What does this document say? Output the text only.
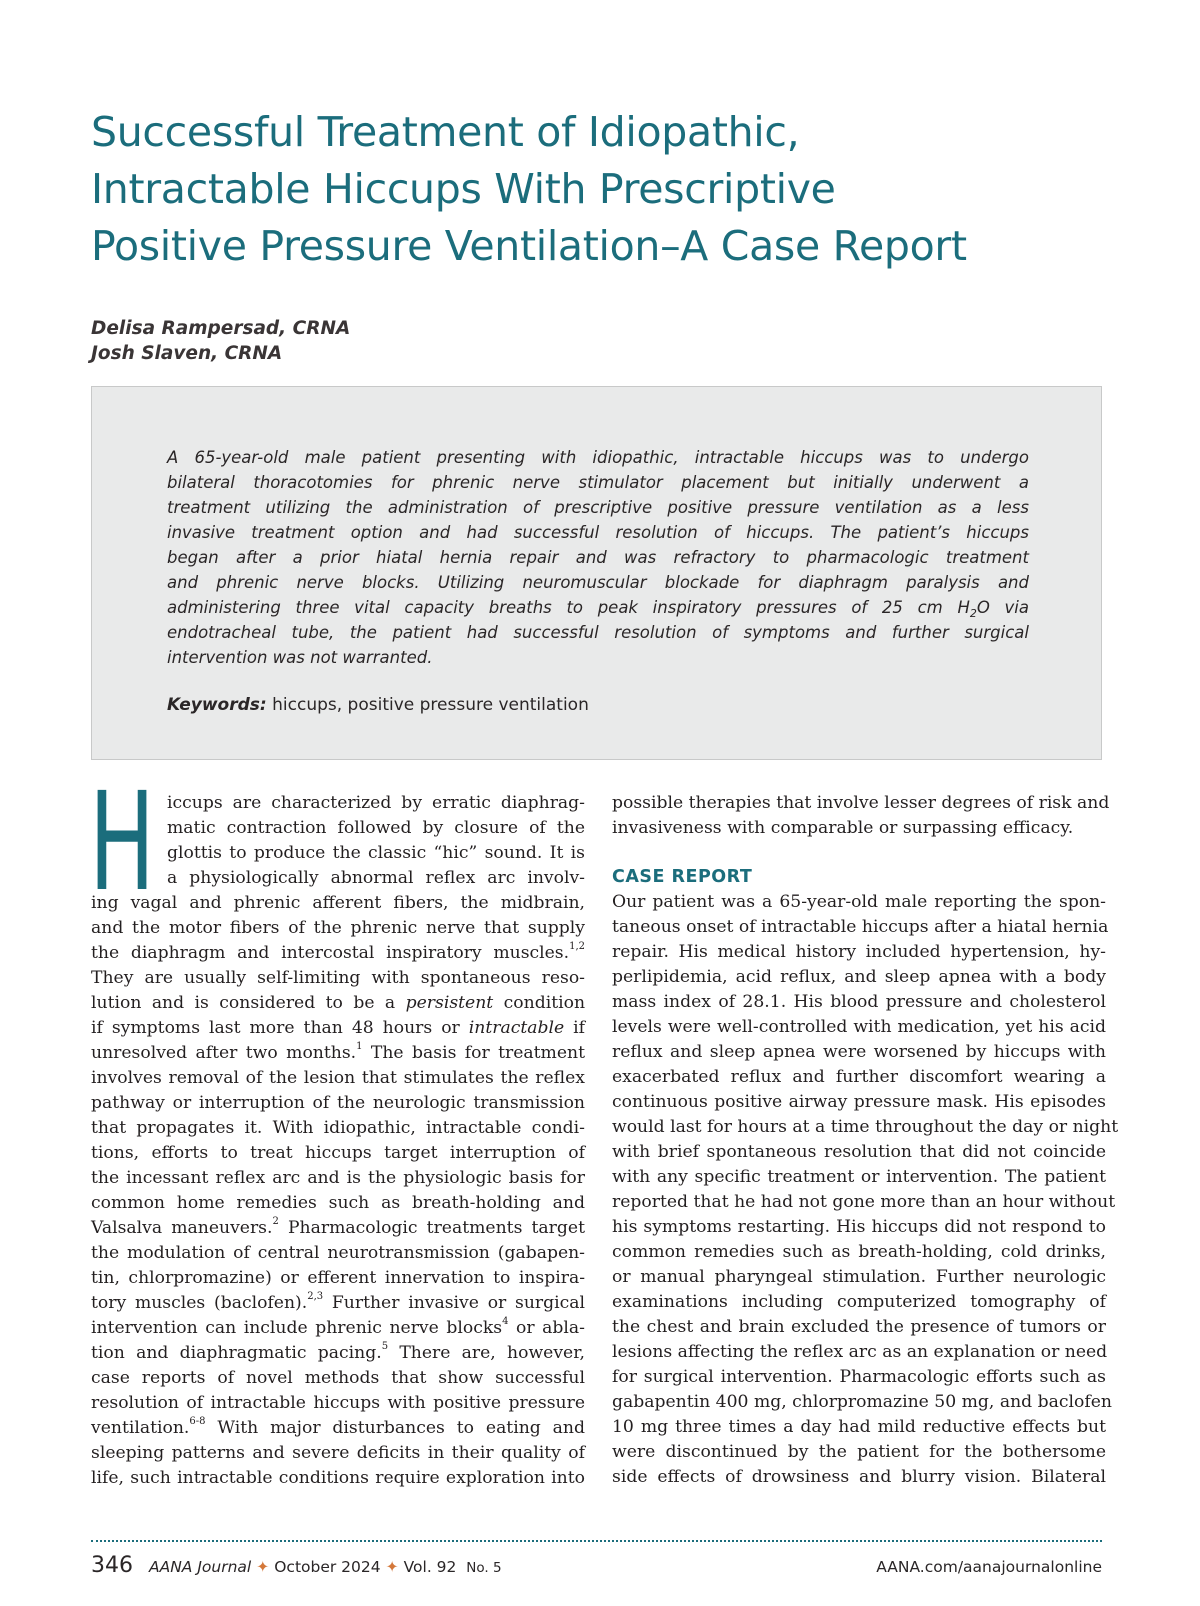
Successful Treatment of Idiopathic,
Intractable Hiccups With Prescriptive
Positive Pressure Ventilation–A Case Report
Delisa Rampersad, CRNA
Josh Slaven, CRNA
A 65-year-old male patient presenting with idiopathic, intractable hiccups was to undergo
bilateral thoracotomies for phrenic nerve stimulator placement but initially underwent a
treatment utilizing the administration of prescriptive positive pressure ventilation as a less
invasive treatment option and had successful resolution of hiccups. The patient’s hiccups
began after a prior hiatal hernia repair and was refractory to pharmacologic treatment
and phrenic nerve blocks. Utilizing neuromuscular blockade for diaphragm paralysis and
administering three vital capacity breaths to peak inspiratory pressures of 25 cm $H_2O$ via
endotracheal tube, the patient had successful resolution of symptoms and further surgical
intervention was not warranted.
Keywords: hiccups, positive pressure ventilation
H iccups are characterized by erratic diaphrag-
matic contraction followed by closure of the
glottis to produce the classic “hic” sound. It is
a physiologically abnormal reflex arc involv-
ing vagal and phrenic afferent fibers, the midbrain,
and the motor fibers of the phrenic nerve that supply
the diaphragm and intercostal inspiratory muscles.$^{1,2}$
They are usually self-limiting with spontaneous reso-
lution and is considered to be a persistent condition
if symptoms last more than 48 hours or intractable if
unresolved after two months.$^1$ The basis for treatment
involves removal of the lesion that stimulates the reflex
pathway or interruption of the neurologic transmission
that propagates it. With idiopathic, intractable condi-
tions, efforts to treat hiccups target interruption of
the incessant reflex arc and is the physiologic basis for
common home remedies such as breath-holding and
Valsalva maneuvers.$^2$ Pharmacologic treatments target
the modulation of central neurotransmission (gabapen-
tin, chlorpromazine) or efferent innervation to inspira-
tory muscles (baclofen).$^{2,3}$ Further invasive or surgical
intervention can include phrenic nerve blocks$^4$ or abla-
tion and diaphragmatic pacing.$^5$ There are, however,
case reports of novel methods that show successful
resolution of intractable hiccups with positive pressure
ventilation.$^{6-8}$ With major disturbances to eating and
sleeping patterns and severe deficits in their quality of
life, such intractable conditions require exploration into
possible therapies that involve lesser degrees of risk and
invasiveness with comparable or surpassing efficacy.
CASE REPORT
Our patient was a 65-year-old male reporting the spon-
taneous onset of intractable hiccups after a hiatal hernia
repair. His medical history included hypertension, hy-
perlipidemia, acid reflux, and sleep apnea with a body
mass index of 28.1. His blood pressure and cholesterol
levels were well-controlled with medication, yet his acid
reflux and sleep apnea were worsened by hiccups with
exacerbated reflux and further discomfort wearing a
continuous positive airway pressure mask. His episodes
would last for hours at a time throughout the day or night
with brief spontaneous resolution that did not coincide
with any specific treatment or intervention. The patient
reported that he had not gone more than an hour without
his symptoms restarting. His hiccups did not respond to
common remedies such as breath-holding, cold drinks,
or manual pharyngeal stimulation. Further neurologic
examinations including computerized tomography of
the chest and brain excluded the presence of tumors or
lesions affecting the reflex arc as an explanation or need
for surgical intervention. Pharmacologic efforts such as
gabapentin 400 mg, chlorpromazine 50 mg, and baclofen
10 mg three times a day had mild reductive effects but
were discontinued by the patient for the bothersome
side effects of drowsiness and blurry vision. Bilateral
346 AANA Journal ✦ October 2024 ✦ Vol. 92 No. 5	AANA.com/aanajournalonline
